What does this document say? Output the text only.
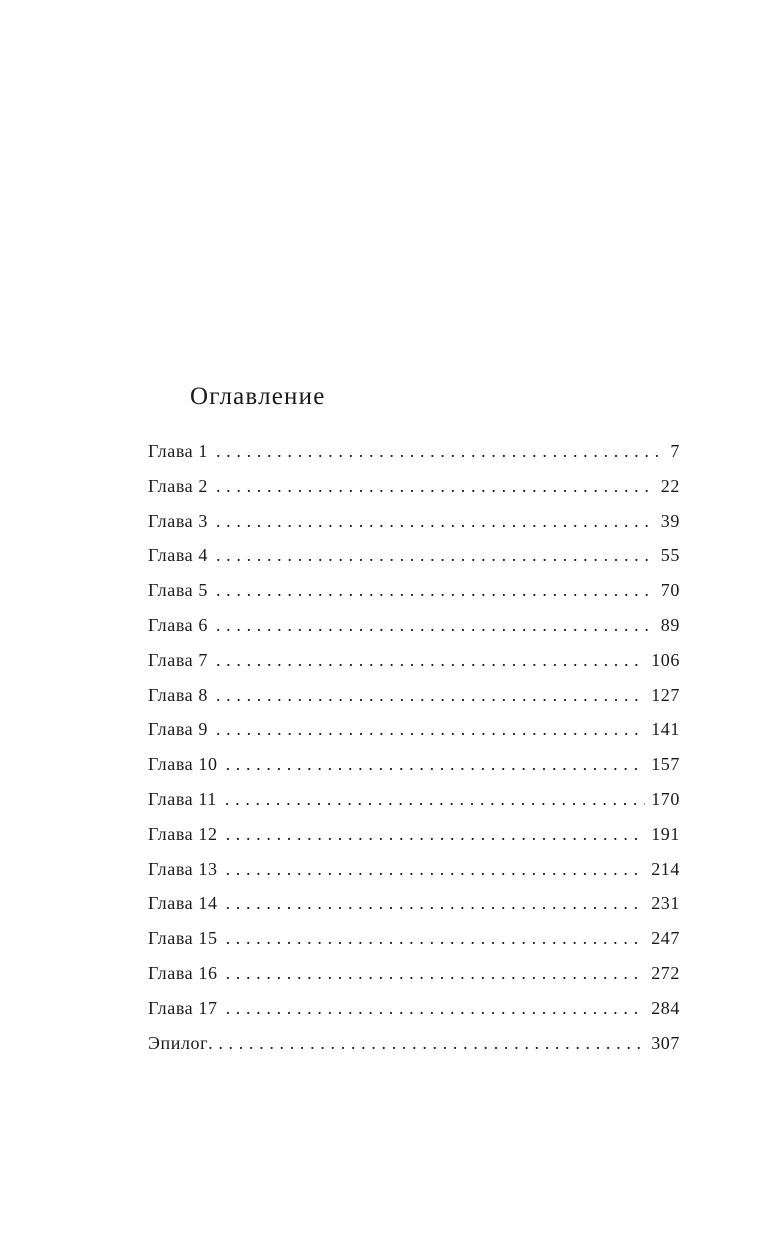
Оглавление
Глава 1 . . .	7
Глава 2 . . .	22
Глава 3 . . .	39
Глава 4 . . .	55
Глава 5 . . .	70
Глава 6 . . .	89
Глава 7 . . .	106
Глава 8 . . .	127
Глава 9 . . .	141
Глава 10 . . .	157
Глава 11 . . .	170
Глава 12 . . .	191
Глава 13 . . .	214
Глава 14 . . .	231
Глава 15 . . .	247
Глава 16 . . .	272
Глава 17 . . .	284
Эпилог . . .	307
